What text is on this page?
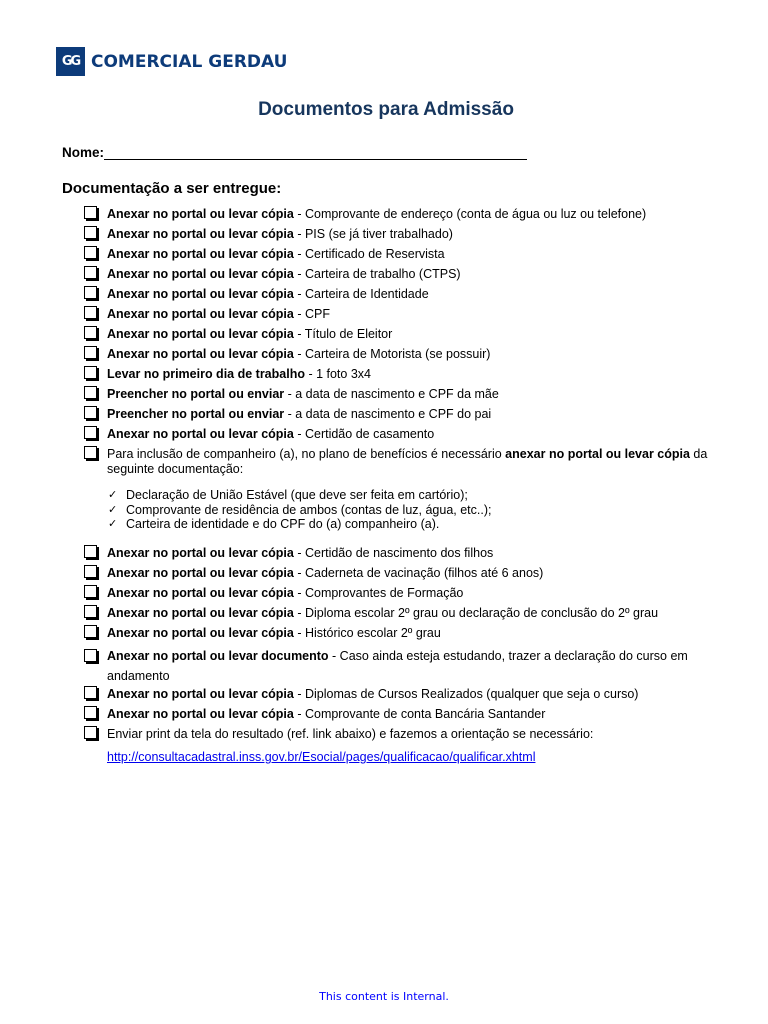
GG COMERCIAL GERDAU
Documentos para Admissão
Nome:
Documentação a ser entregue:
Anexar no portal ou levar cópia - Comprovante de endereço (conta de água ou luz ou telefone)
Anexar no portal ou levar cópia - PIS (se já tiver trabalhado)
Anexar no portal ou levar cópia - Certificado de Reservista
Anexar no portal ou levar cópia - Carteira de trabalho (CTPS)
Anexar no portal ou levar cópia - Carteira de Identidade
Anexar no portal ou levar cópia - CPF
Anexar no portal ou levar cópia - Título de Eleitor
Anexar no portal ou levar cópia - Carteira de Motorista (se possuir)
Levar no primeiro dia de trabalho - 1 foto 3x4
Preencher no portal ou enviar - a data de nascimento e CPF da mãe
Preencher no portal ou enviar - a data de nascimento e CPF do pai
Anexar no portal ou levar cópia - Certidão de casamento
Para inclusão de companheiro (a), no plano de benefícios é necessário anexar no portal ou levar cópia da seguinte documentação:
✓ Declaração de União Estável (que deve ser feita em cartório);
✓ Comprovante de residência de ambos (contas de luz, água, etc..);
✓ Carteira de identidade e do CPF do (a) companheiro (a).
Anexar no portal ou levar cópia - Certidão de nascimento dos filhos
Anexar no portal ou levar cópia - Caderneta de vacinação (filhos até 6 anos)
Anexar no portal ou levar cópia - Comprovantes de Formação
Anexar no portal ou levar cópia - Diploma escolar 2º grau ou declaração de conclusão do 2º grau
Anexar no portal ou levar cópia - Histórico escolar 2º grau
Anexar no portal ou levar documento - Caso ainda esteja estudando, trazer a declaração do curso em andamento
Anexar no portal ou levar cópia - Diplomas de Cursos Realizados (qualquer que seja o curso)
Anexar no portal ou levar cópia - Comprovante de conta Bancária Santander
Enviar print da tela do resultado (ref. link abaixo) e fazemos a orientação se necessário:
http://consultacadastral.inss.gov.br/Esocial/pages/qualificacao/qualificar.xhtml
This content is Internal.
